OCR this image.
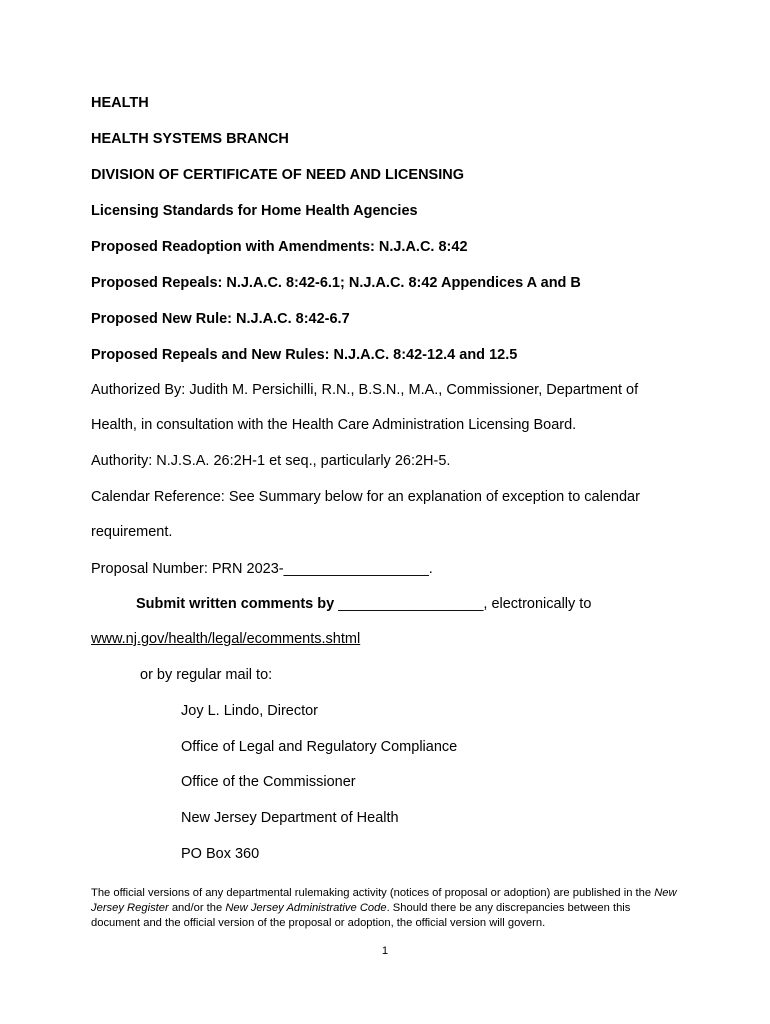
HEALTH
HEALTH SYSTEMS BRANCH
DIVISION OF CERTIFICATE OF NEED AND LICENSING
Licensing Standards for Home Health Agencies
Proposed Readoption with Amendments: N.J.A.C. 8:42
Proposed Repeals: N.J.A.C. 8:42-6.1; N.J.A.C. 8:42 Appendices A and B
Proposed New Rule: N.J.A.C. 8:42-6.7
Proposed Repeals and New Rules: N.J.A.C. 8:42-12.4 and 12.5
Authorized By: Judith M. Persichilli, R.N., B.S.N., M.A., Commissioner, Department of
Health, in consultation with the Health Care Administration Licensing Board.
Authority: N.J.S.A. 26:2H-1 et seq., particularly 26:2H-5.
Calendar Reference: See Summary below for an explanation of exception to calendar
requirement.
Proposal Number: PRN 2023-__________________.
Submit written comments by __________________, electronically to
www.nj.gov/health/legal/ecomments.shtml
or by regular mail to:
Joy L. Lindo, Director
Office of Legal and Regulatory Compliance
Office of the Commissioner
New Jersey Department of Health
PO Box 360

The official versions of any departmental rulemaking activity (notices of proposal or adoption) are published in the New Jersey Register and/or the New Jersey Administrative Code. Should there be any discrepancies between this document and the official version of the proposal or adoption, the official version will govern.

1
